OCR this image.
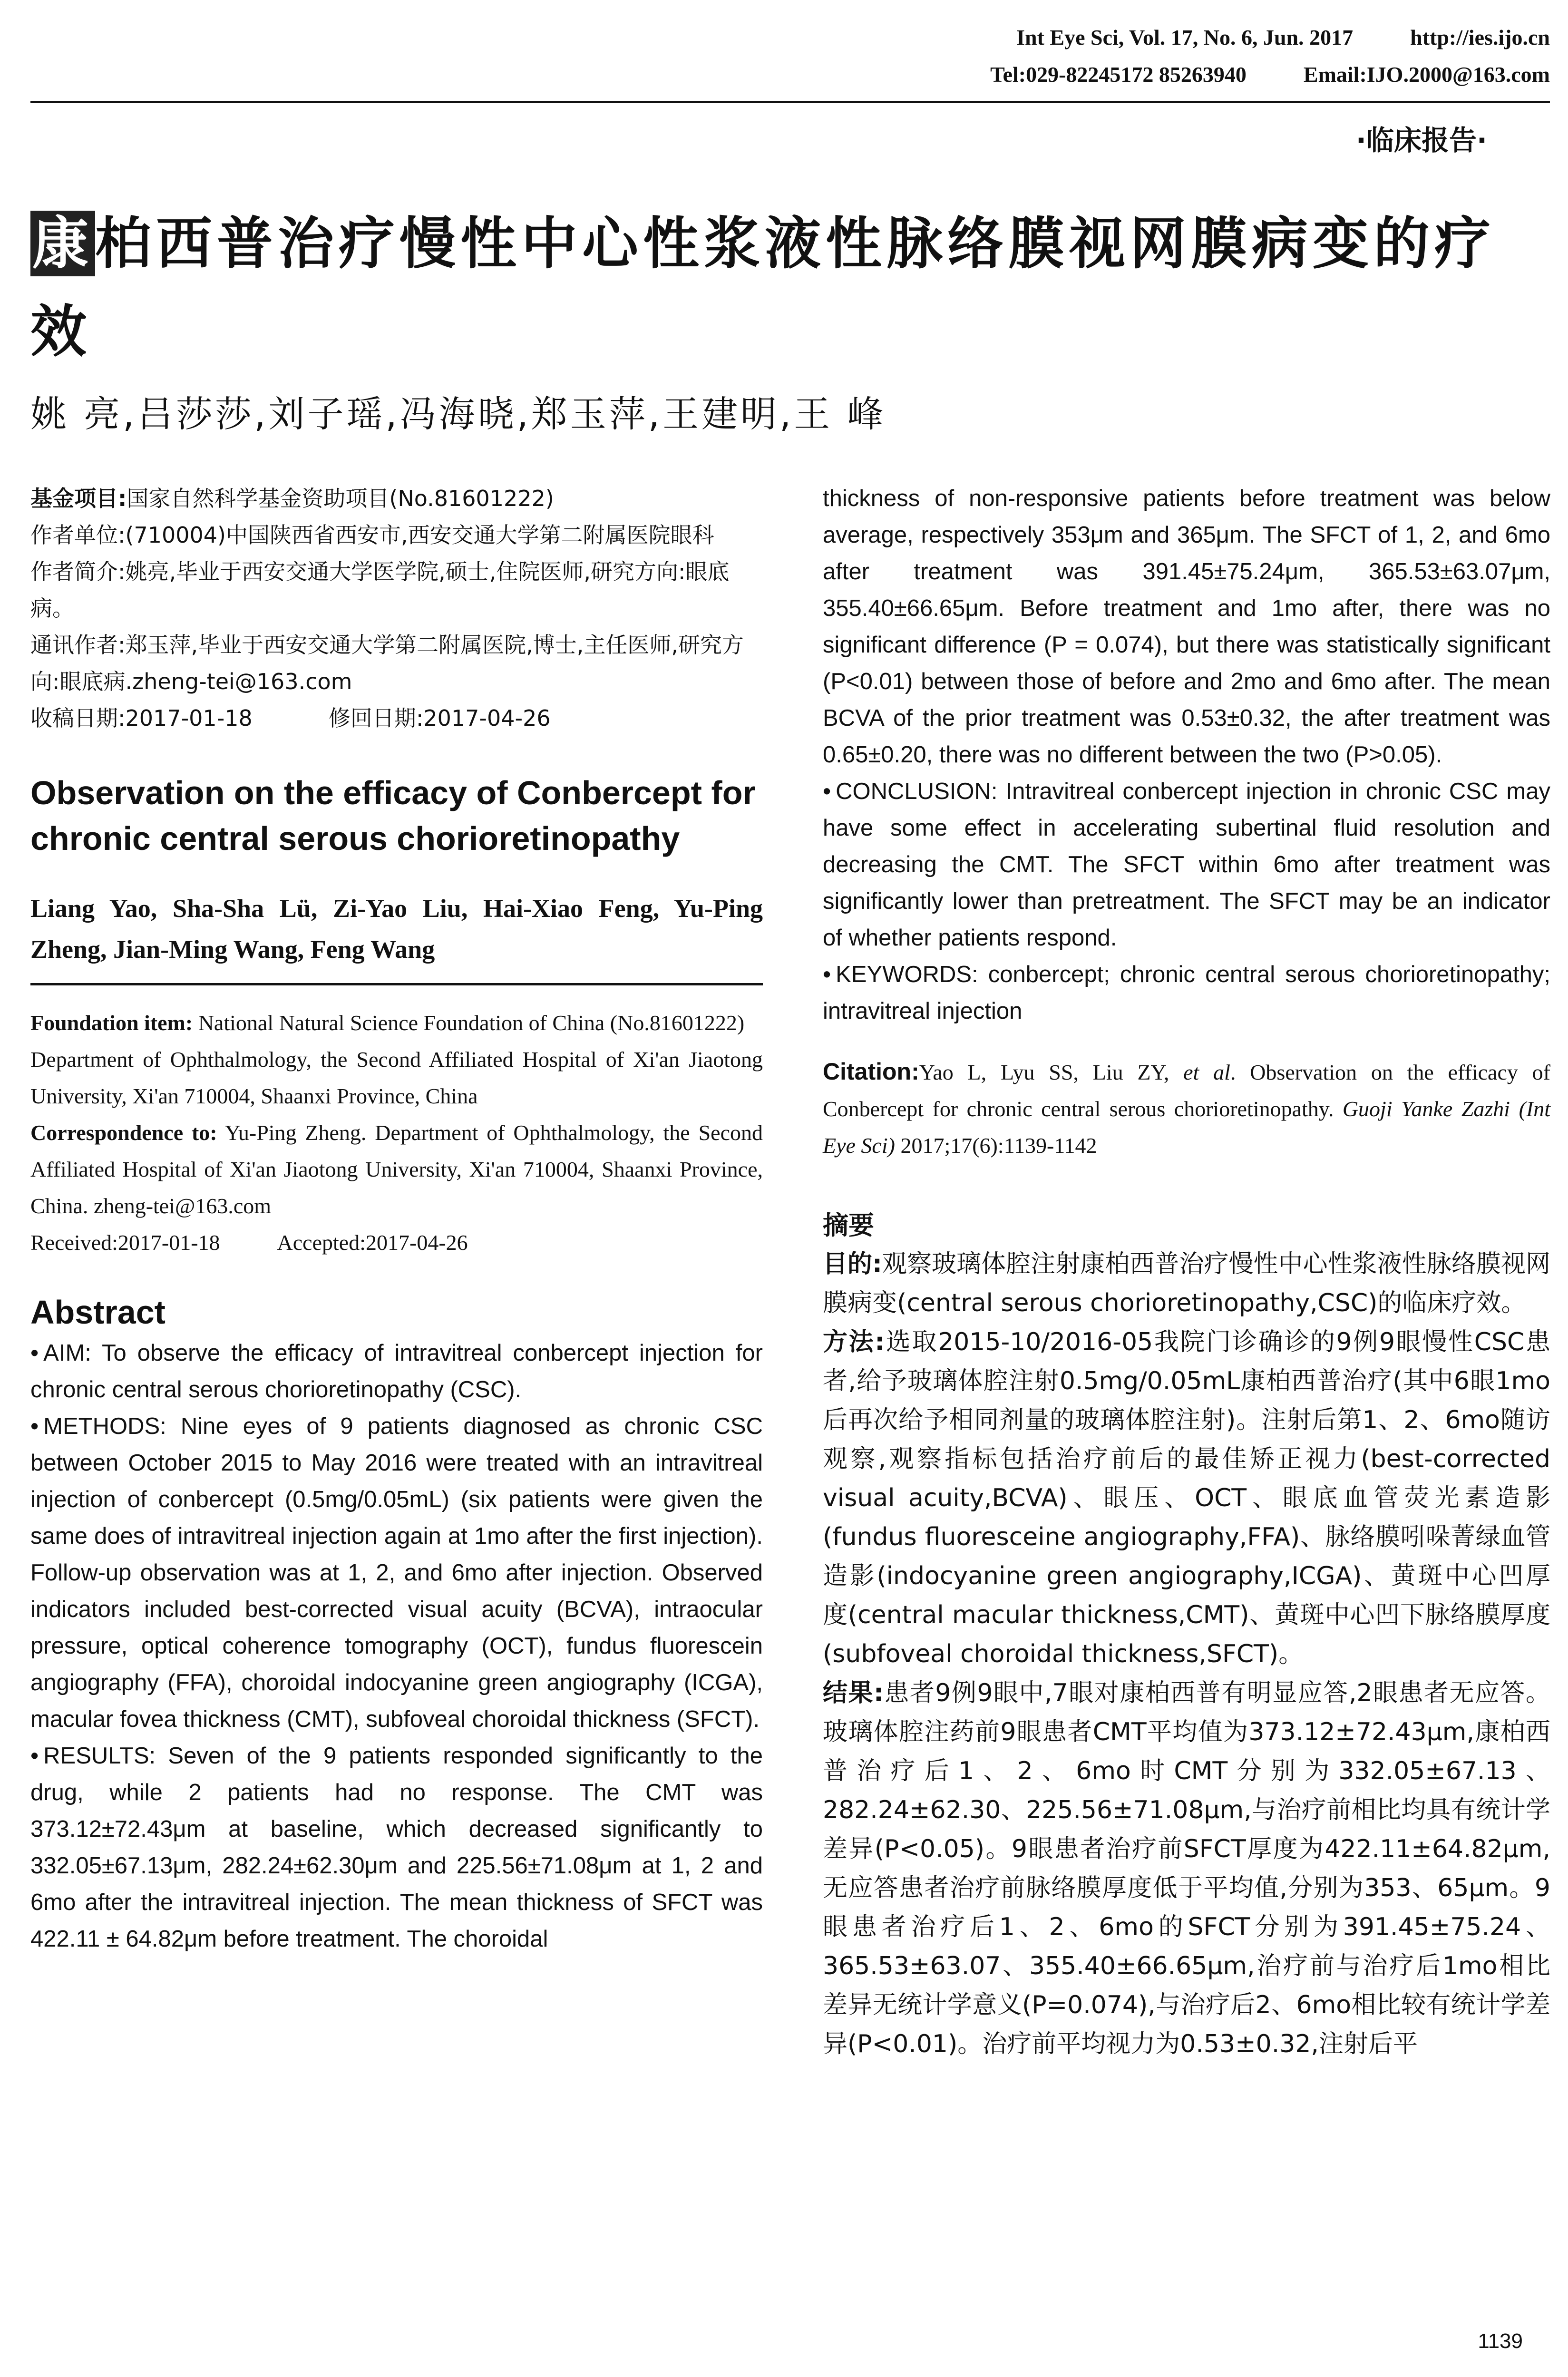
Int Eye Sci, Vol. 17, No. 6, Jun. 2017	http://ies.ijo.cn
Tel:029-82245172 85263940	Email:IJO.2000@163.com
·临床报告·
康柏西普治疗慢性中心性浆液性脉络膜视网膜病变的疗效
姚 亮,吕莎莎,刘子瑶,冯海晓,郑玉萍,王建明,王 峰
基金项目:国家自然科学基金资助项目(No.81601222)
作者单位:(710004)中国陕西省西安市,西安交通大学第二附属医院眼科
作者简介:姚亮,毕业于西安交通大学医学院,硕士,住院医师,研究方向:眼底病。
通讯作者:郑玉萍,毕业于西安交通大学第二附属医院,博士,主任医师,研究方向:眼底病.zheng-tei@163.com
收稿日期:2017-01-18	修回日期:2017-04-26
Observation on the efficacy of Conbercept for chronic central serous chorioretinopathy
Liang Yao, Sha-Sha Lü, Zi-Yao Liu, Hai-Xiao Feng, Yu-Ping Zheng, Jian-Ming Wang, Feng Wang
Foundation item: National Natural Science Foundation of China (No.81601222)
Department of Ophthalmology, the Second Affiliated Hospital of Xi'an Jiaotong University, Xi'an 710004, Shaanxi Province, China
Correspondence to: Yu-Ping Zheng. Department of Ophthalmology, the Second Affiliated Hospital of Xi'an Jiaotong University, Xi'an 710004, Shaanxi Province, China. zheng-tei@163.com
Received:2017-01-18	Accepted:2017-04-26
Abstract

• AIM: To observe the efficacy of intravitreal conbercept injection for chronic central serous chorioretinopathy (CSC).

• METHODS: Nine eyes of 9 patients diagnosed as chronic CSC between October 2015 to May 2016 were treated with an intravitreal injection of conbercept (0.5mg/0.05mL) (six patients were given the same does of intravitreal injection again at 1mo after the first injection). Follow-up observation was at 1, 2, and 6mo after injection. Observed indicators included best-corrected visual acuity (BCVA), intraocular pressure, optical coherence tomography (OCT), fundus fluorescein angiography (FFA), choroidal indocyanine green angiography (ICGA), macular fovea thickness (CMT), subfoveal choroidal thickness (SFCT).

• RESULTS: Seven of the 9 patients responded significantly to the drug, while 2 patients had no response. The CMT was 373.12±72.43μm at baseline, which decreased significantly to 332.05±67.13μm, 282.24±62.30μm and 225.56±71.08μm at 1, 2 and 6mo after the intravitreal injection. The mean thickness of SFCT was 422.11 ± 64.82μm before treatment. The choroidal

thickness of non-responsive patients before treatment was below average, respectively 353μm and 365μm. The SFCT of 1, 2, and 6mo after treatment was 391.45±75.24μm, 365.53±63.07μm, 355.40±66.65μm. Before treatment and 1mo after, there was no significant difference (P = 0.074), but there was statistically significant (P<0.01) between those of before and 2mo and 6mo after. The mean BCVA of the prior treatment was 0.53±0.32, the after treatment was 0.65±0.20, there was no different between the two (P>0.05).

• CONCLUSION: Intravitreal conbercept injection in chronic CSC may have some effect in accelerating subertinal fluid resolution and decreasing the CMT. The SFCT within 6mo after treatment was significantly lower than pretreatment. The SFCT may be an indicator of whether patients respond.

• KEYWORDS: conbercept; chronic central serous chorioretinopathy; intravitreal injection

Citation:Yao L, Lyu SS, Liu ZY, et al. Observation on the efficacy of Conbercept for chronic central serous chorioretinopathy. Guoji Yanke Zazhi (Int Eye Sci) 2017;17(6):1139-1142
摘要

目的:观察玻璃体腔注射康柏西普治疗慢性中心性浆液性脉络膜视网膜病变(central serous chorioretinopathy,CSC)的临床疗效。

方法:选取2015-10/2016-05我院门诊确诊的9例9眼慢性CSC患者,给予玻璃体腔注射0.5mg/0.05mL康柏西普治疗(其中6眼1mo后再次给予相同剂量的玻璃体腔注射)。注射后第1、2、6mo随访观察,观察指标包括治疗前后的最佳矫正视力(best-corrected visual acuity,BCVA)、眼压、OCT、眼底血管荧光素造影(fundus fluoresceine angiography,FFA)、脉络膜吲哚菁绿血管造影(indocyanine green angiography,ICGA)、黄斑中心凹厚度(central macular thickness,CMT)、黄斑中心凹下脉络膜厚度(subfoveal choroidal thickness,SFCT)。

结果:患者9例9眼中,7眼对康柏西普有明显应答,2眼患者无应答。玻璃体腔注药前9眼患者CMT平均值为373.12±72.43μm,康柏西普治疗后1、2、6mo时CMT分别为332.05±67.13、282.24±62.30、225.56±71.08μm,与治疗前相比均具有统计学差异(P<0.05)。9眼患者治疗前SFCT厚度为422.11±64.82μm,无应答患者治疗前脉络膜厚度低于平均值,分别为353、65μm。9眼患者治疗后1、2、6mo的SFCT分别为391.45±75.24、365.53±63.07、355.40±66.65μm,治疗前与治疗后1mo相比差异无统计学意义(P=0.074),与治疗后2、6mo相比较有统计学差异(P<0.01)。治疗前平均视力为0.53±0.32,注射后平

1139
